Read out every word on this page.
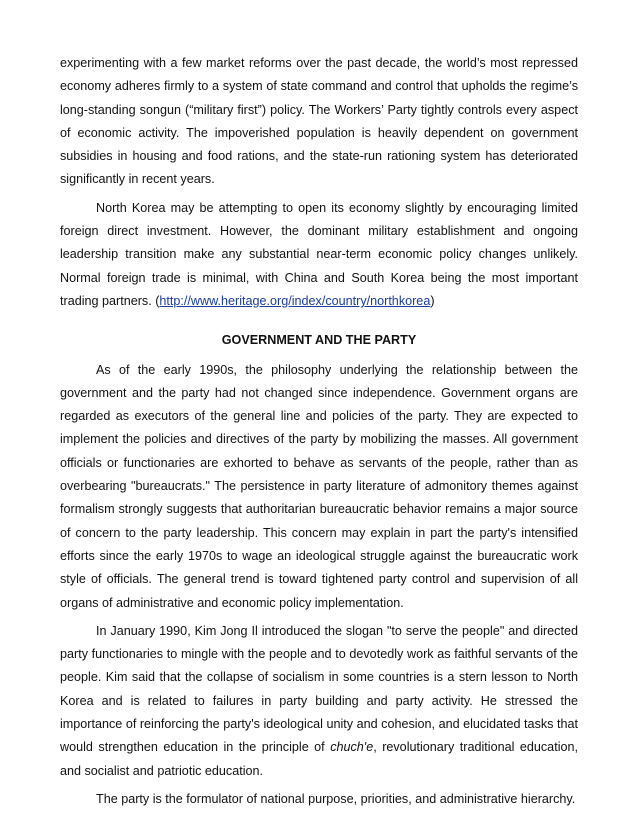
experimenting with a few market reforms over the past decade, the world’s most repressed economy adheres firmly to a system of state command and control that upholds the regime’s long-standing songun (“military first”) policy. The Workers’ Party tightly controls every aspect of economic activity. The impoverished population is heavily dependent on government subsidies in housing and food rations, and the state-run rationing system has deteriorated significantly in recent years.

North Korea may be attempting to open its economy slightly by encouraging limited foreign direct investment. However, the dominant military establishment and ongoing leadership transition make any substantial near-term economic policy changes unlikely. Normal foreign trade is minimal, with China and South Korea being the most important trading partners. (http://www.heritage.org/index/country/northkorea)

GOVERNMENT AND THE PARTY

As of the early 1990s, the philosophy underlying the relationship between the government and the party had not changed since independence. Government organs are regarded as executors of the general line and policies of the party. They are expected to implement the policies and directives of the party by mobilizing the masses. All government officials or functionaries are exhorted to behave as servants of the people, rather than as overbearing "bureaucrats." The persistence in party literature of admonitory themes against formalism strongly suggests that authoritarian bureaucratic behavior remains a major source of concern to the party leadership. This concern may explain in part the party's intensified efforts since the early 1970s to wage an ideological struggle against the bureaucratic work style of officials. The general trend is toward tightened party control and supervision of all organs of administrative and economic policy implementation.

In January 1990, Kim Jong Il introduced the slogan "to serve the people" and directed party functionaries to mingle with the people and to devotedly work as faithful servants of the people. Kim said that the collapse of socialism in some countries is a stern lesson to North Korea and is related to failures in party building and party activity. He stressed the importance of reinforcing the party's ideological unity and cohesion, and elucidated tasks that would strengthen education in the principle of chuch'e, revolutionary traditional education, and socialist and patriotic education.

The party is the formulator of national purpose, priorities, and administrative hierarchy.
